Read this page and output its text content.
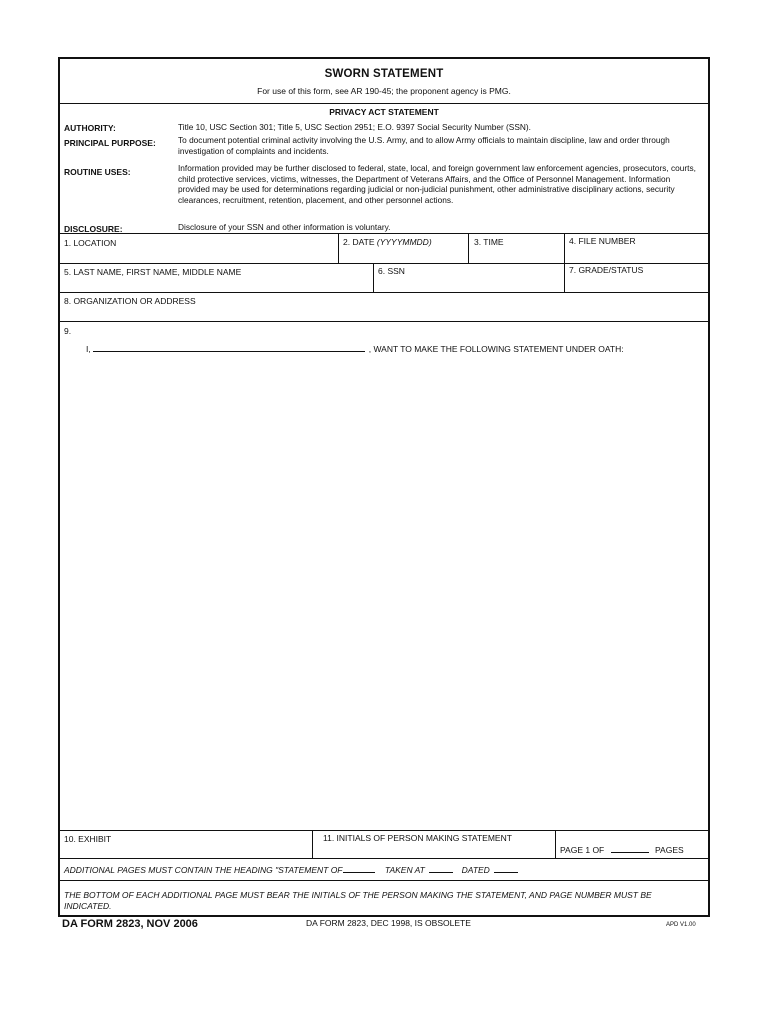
SWORN STATEMENT
For use of this form, see AR 190-45; the proponent agency is PMG.
PRIVACY ACT STATEMENT
AUTHORITY:	Title 10, USC Section 301; Title 5, USC Section 2951; E.O. 9397 Social Security Number (SSN).
PRINCIPAL PURPOSE:	To document potential criminal activity involving the U.S. Army, and to allow Army officials to maintain discipline, law and order through investigation of complaints and incidents.
ROUTINE USES:	Information provided may be further disclosed to federal, state, local, and foreign government law enforcement agencies, prosecutors, courts, child protective services, victims, witnesses, the Department of Veterans Affairs, and the Office of Personnel Management. Information provided may be used for determinations regarding judicial or non-judicial punishment, other administrative disciplinary actions, security clearances, recruitment, retention, placement, and other personnel actions.
DISCLOSURE:	Disclosure of your SSN and other information is voluntary.
1. LOCATION	2. DATE (YYYYMMDD)	3. TIME	4. FILE NUMBER
5. LAST NAME, FIRST NAME, MIDDLE NAME	6. SSN	7. GRADE/STATUS
8. ORGANIZATION OR ADDRESS
9.
I,	, WANT TO MAKE THE FOLLOWING STATEMENT UNDER OATH:
10. EXHIBIT	11. INITIALS OF PERSON MAKING STATEMENT
PAGE 1 OF	PAGES
ADDITIONAL PAGES MUST CONTAIN THE HEADING "STATEMENT OF	TAKEN AT	DATED
THE BOTTOM OF EACH ADDITIONAL PAGE MUST BEAR THE INITIALS OF THE PERSON MAKING THE STATEMENT, AND PAGE NUMBER MUST BE INDICATED.
DA FORM 2823, NOV 2006	DA FORM 2823, DEC 1998, IS OBSOLETE	APD V1.00
